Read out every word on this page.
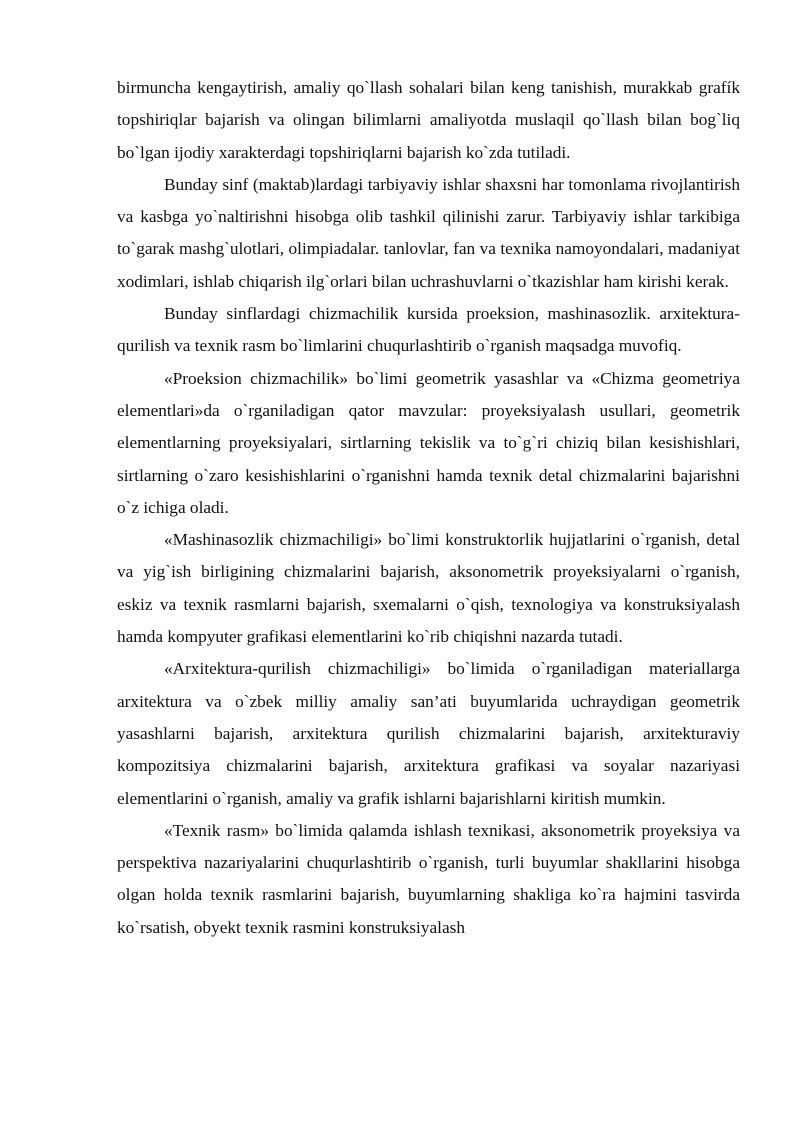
birmuncha kengaytirish, amaliy qo`llash sohalari bilan keng tanishish, murakkab grafík topshiriqlar bajarish va olingan bilimlarni amaliyotda muslaqil qo`llash bilan bog`liq bo`lgan ijodiy xarakterdagi topshiriqlarni bajarish ko`zda tutiladi.

Bunday sinf (maktab)lardagi tarbiyaviy ishlar shaxsni har tomonlama rivojlantirish va kasbga yo`naltirishni hisobga olib tashkil qilinishi zarur. Tarbiyaviy ishlar tarkibiga to`garak mashg`ulotlari, olimpiadalar. tanlovlar, fan va texnika namoyondalari, madaniyat xodimlari, ishlab chiqarish ilg`orlari bilan uchrashuvlarni o`tkazishlar ham kirishi kerak.

Bunday sinflardagi chizmachilik kursida proeksion, mashinasozlik. arxitektura-qurilish va texnik rasm bo`limlarini chuqurlashtirib o`rganish maqsadga muvofiq.

«Proeksion chizmachilik» bo`limi geometrik yasashlar va «Chizma geometriya elementlari»da o`rganiladigan qator mavzular: proyeksiyalash usullari, geometrik elementlarning proyeksiyalari, sirtlarning tekislik va to`g`ri chiziq bilan kesishishlari, sirtlarning o`zaro kesishishlarini o`rganishni hamda texnik detal chizmalarini bajarishni o`z ichiga oladi.

«Mashinasozlik chizmachiligi» bo`limi konstruktorlik hujjatlarini o`rganish, detal va yig`ish birligining chizmalarini bajarish, aksonometrik proyeksiyalarni o`rganish, eskiz va texnik rasmlarni bajarish, sxemalarni o`qish, texnologiya va konstruksiyalash hamda kompyuter grafikasi elementlarini ko`rib chiqishni nazarda tutadi.

«Arxitektura-qurilish chizmachiligi» bo`limida o`rganiladigan materiallarga arxitektura va o`zbek milliy amaliy san’ati buyumlarida uchraydigan geometrik yasashlarni bajarish, arxitektura qurilish chizmalarini bajarish, arxitekturaviy kompozitsiya chizmalarini bajarish, arxitektura grafikasi va soyalar nazariyasi elementlarini o`rganish, amaliy va grafik ishlarni bajarishlarni kiritish mumkin.

«Texnik rasm» bo`limida qalamda ishlash texnikasi, aksonometrik proyeksiya va perspektiva nazariyalarini chuqurlashtirib o`rganish, turli buyumlar shakllarini hisobga olgan holda texnik rasmlarini bajarish, buyumlarning shakliga ko`ra hajmini tasvirda ko`rsatish, obyekt texnik rasmini konstruksiyalash
